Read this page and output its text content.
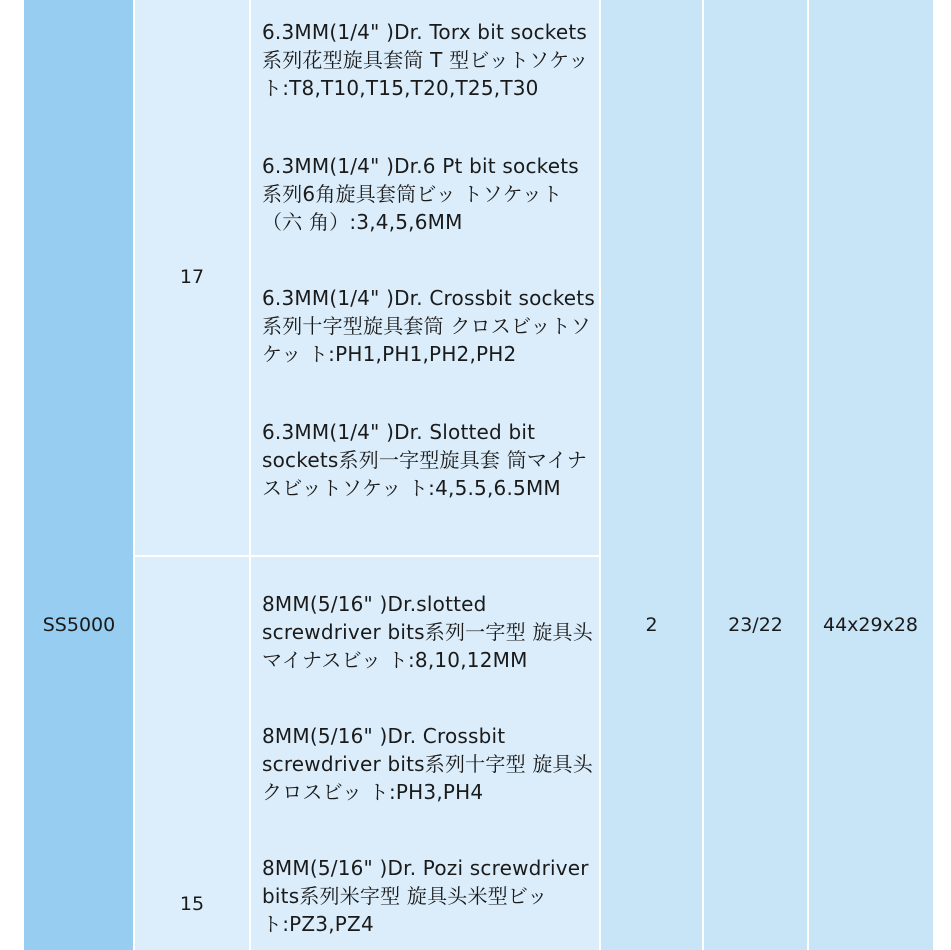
SS5000
17
15
2	23/22	44x29x28
6.3MM(1/4" )Dr. Torx bit sockets系列花型旋具套筒 T 型ビットソケッ ト:T8,T10,T15,T20,T25,T30
6.3MM(1/4" )Dr.6 Pt bit sockets系列6角旋具套筒ビッ トソケット（六 角）:3,4,5,6MM
6.3MM(1/4" )Dr. Crossbit sockets系列十字型旋具套筒 クロスビットソケッ ト:PH1,PH1,PH2,PH2
6.3MM(1/4" )Dr. Slotted bit sockets系列一字型旋具套 筒マイナスビットソケッ ト:4,5.5,6.5MM
8MM(5/16" )Dr.slotted screwdriver bits系列一字型 旋具头マイナスビッ ト:8,10,12MM
8MM(5/16" )Dr. Crossbit screwdriver bits系列十字型 旋具头クロスビッ ト:PH3,PH4
8MM(5/16" )Dr. Pozi screwdriver bits系列米字型 旋具头米型ビット:PZ3,PZ4
